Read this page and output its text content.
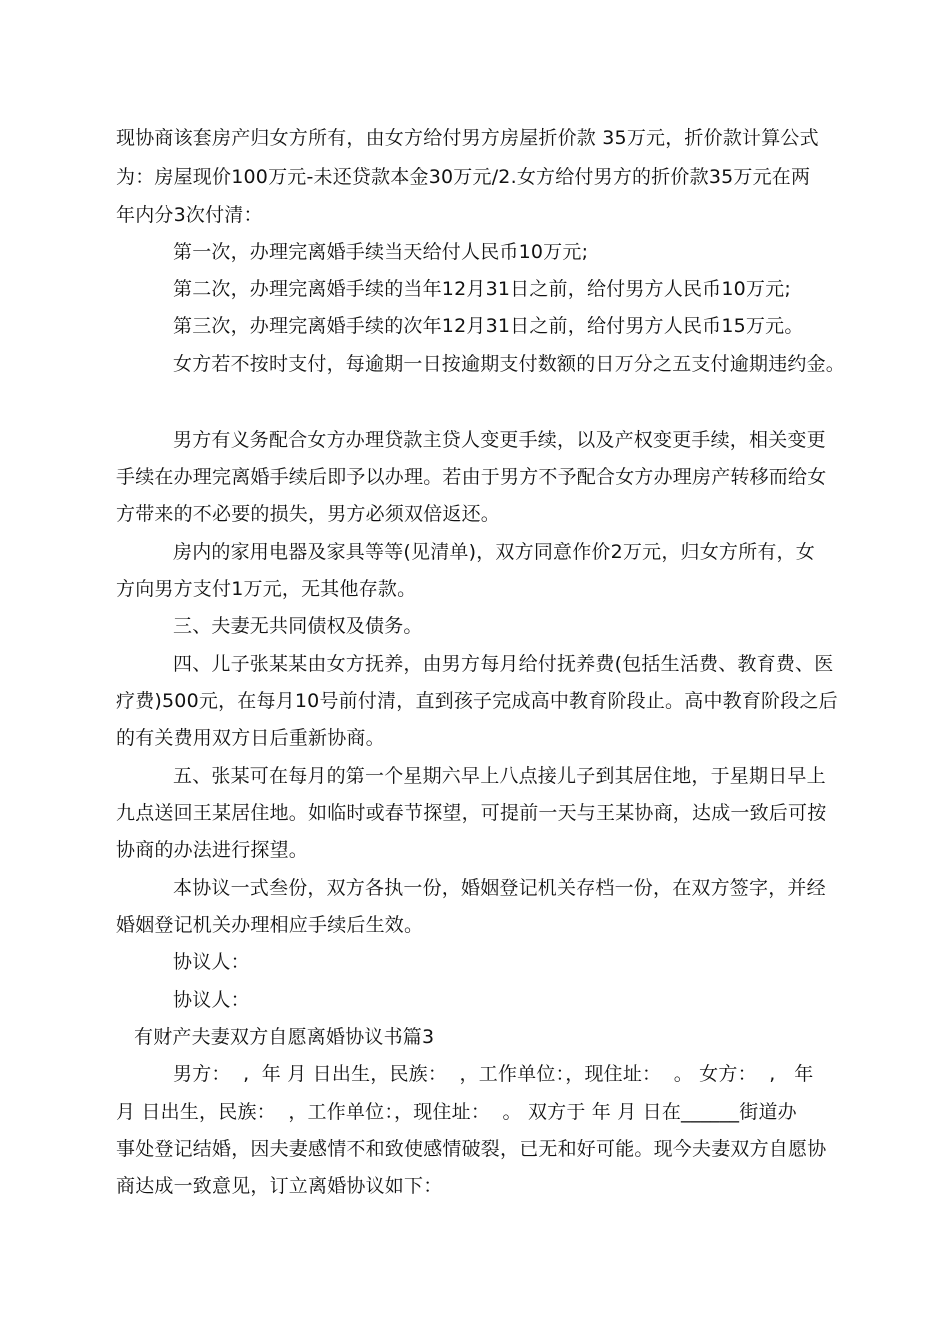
现协商该套房产归女方所有，由女方给付男方房屋折价款 35万元，折价款计算公式
为：房屋现价100万元-未还贷款本金30万元/2.女方给付男方的折价款35万元在两
年内分3次付清：
第一次，办理完离婚手续当天给付人民币10万元;
第二次，办理完离婚手续的当年12月31日之前，给付男方人民币10万元;
第三次，办理完离婚手续的次年12月31日之前，给付男方人民币15万元。
女方若不按时支付，每逾期一日按逾期支付数额的日万分之五支付逾期违约金。
男方有义务配合女方办理贷款主贷人变更手续，以及产权变更手续，相关变更
手续在办理完离婚手续后即予以办理。若由于男方不予配合女方办理房产转移而给女
方带来的不必要的损失，男方必须双倍返还。
房内的家用电器及家具等等(见清单)，双方同意作价2万元，归女方所有，女
方向男方支付1万元，无其他存款。
三、夫妻无共同债权及债务。
四、儿子张某某由女方抚养，由男方每月给付抚养费(包括生活费、教育费、医
疗费)500元，在每月10号前付清，直到孩子完成高中教育阶段止。高中教育阶段之后
的有关费用双方日后重新协商。
五、张某可在每月的第一个星期六早上八点接儿子到其居住地，于星期日早上
九点送回王某居住地。如临时或春节探望，可提前一天与王某协商，达成一致后可按
协商的办法进行探望。
本协议一式叁份，双方各执一份，婚姻登记机关存档一份，在双方签字，并经
婚姻登记机关办理相应手续后生效。
协议人：
协议人：
有财产夫妻双方自愿离婚协议书篇3
男方：  ,  年 月 日出生，民族：  ，工作单位：，现住址：  。 女方：  ,   年
月 日出生，民族：  ，工作单位：，现住址：  。 双方于 年 月 日在______街道办
事处登记结婚，因夫妻感情不和致使感情破裂，已无和好可能。现今夫妻双方自愿协
商达成一致意见，订立离婚协议如下：
